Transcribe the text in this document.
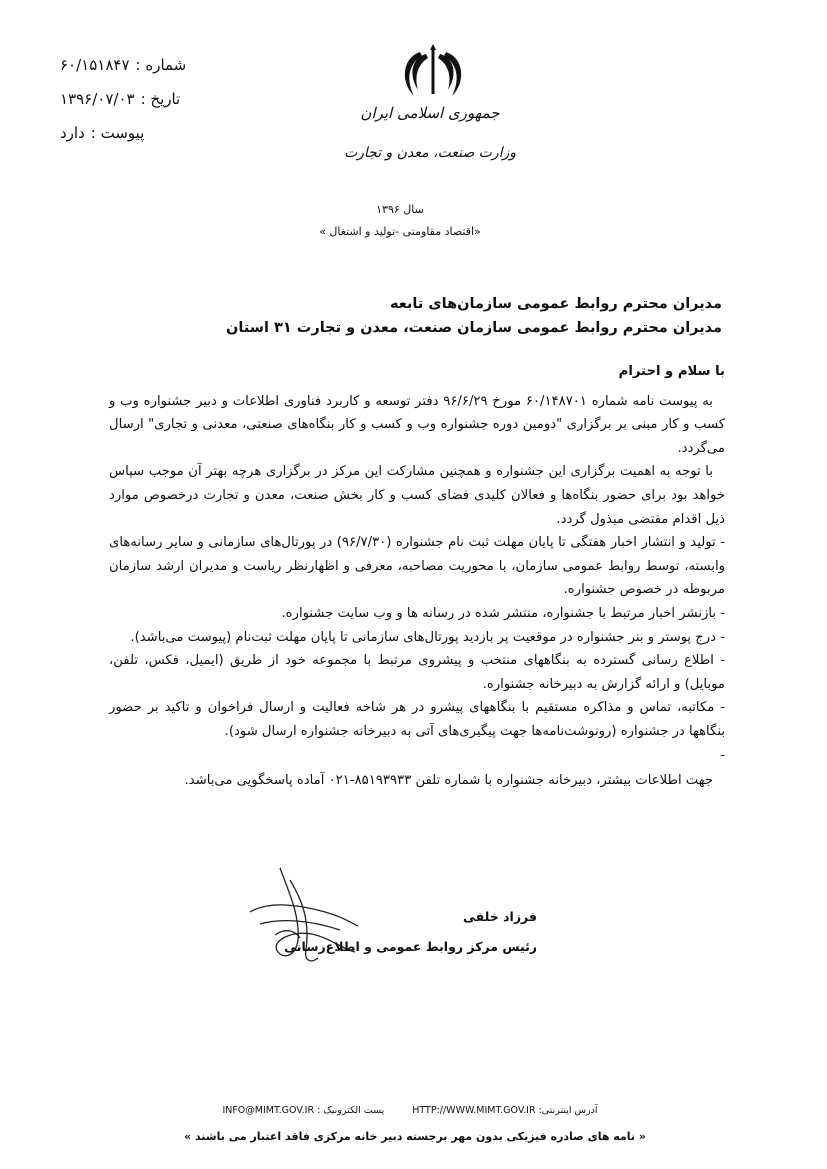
شماره :
۶۰/۱۵۱۸۴۷
تاریخ :
۱۳۹۶/۰۷/۰۳
پیوست :
دارد
جمهوری اسلامی ایران
وزارت صنعت، معدن و تجارت
سال ۱۳۹۶
«اقتصاد مقاومتی -تولید و اشتغال »
مدیران محترم روابط عمومی سازمان‌های تابعه
مدیران محترم روابط عمومی سازمان صنعت، معدن و تجارت ۳۱ استان

با سلام و احترام

به پیوست نامه شماره ۶۰/۱۴۸۷۰۱ مورخ ۹۶/۶/۲۹ دفتر توسعه و کاربرد فناوری اطلاعات و دبیر جشنواره وب و کسب و کار مبنی بر برگزاری "دومین دوره جشنواره وب و کسب و کار بنگاه‌های صنعتی، معدنی و تجاری" ارسال می‌گردد.

با توجه به اهمیت برگزاری این جشنواره و همچنین مشارکت این مرکز در برگزاری هرچه بهتر آن موجب سپاس خواهد بود برای حضور بنگاه‌ها و فعالان کلیدی فضای کسب و کار بخش صنعت، معدن و تجارت درخصوص موارد ذیل اقدام مقتضی مبذول گردد.

- تولید و انتشار اخبار هفتگی تا پایان مهلت ثبت نام جشنواره (۹۶/۷/۳۰) در پورتال‌های سازمانی و سایر رسانه‌های وابسته، توسط روابط عمومی سازمان، با محوریت مصاحبه، معرفی و اظهارنظر ریاست و مدیران ارشد سازمان مربوطه در خصوص جشنواره.

- بازنشر اخبار مرتبط با جشنواره، منتشر شده در رسانه ها و وب سایت جشنواره.

- درج پوستر و بنر جشنواره در موقعیت پر بازدید پورتال‌های سازمانی تا پایان مهلت ثبت‌نام (پیوست می‌باشد).

- اطلاع رسانی گسترده به بنگاههای منتخب و پیشروی مرتبط با مجموعه خود از طریق (ایمیل، فکس، تلفن، موبایل) و ارائه گزارش به دبیرخانه جشنواره.

- مکاتبه، تماس و مذاکره مستقیم با بنگاههای پیشرو در هر شاخه فعالیت و ارسال فراخوان و تاکید بر حضور بنگاهها در جشنواره (رونوشت‌نامه‌ها جهت پیگیری‌های آتی به دبیرخانه جشنواره ارسال شود).

-

جهت اطلاعات بیشتر، دبیرخانه جشنواره با شماره تلفن ۸۵۱۹۳۹۳۳-۰۲۱ آماده پاسخگویی می‌باشد.

فرزاد خلفی
رئیس مرکز روابط عمومی و اطلاع‌رسانی
آدرس اینترنتی: HTTP://WWW.MIMT.GOV.IR
پست الکترونیک : INFO@MIMT.GOV.IR
« نامه های صادره فیزیکی بدون مهر برجسته دبیر خانه مرکزی فاقد اعتبار می باشند »
